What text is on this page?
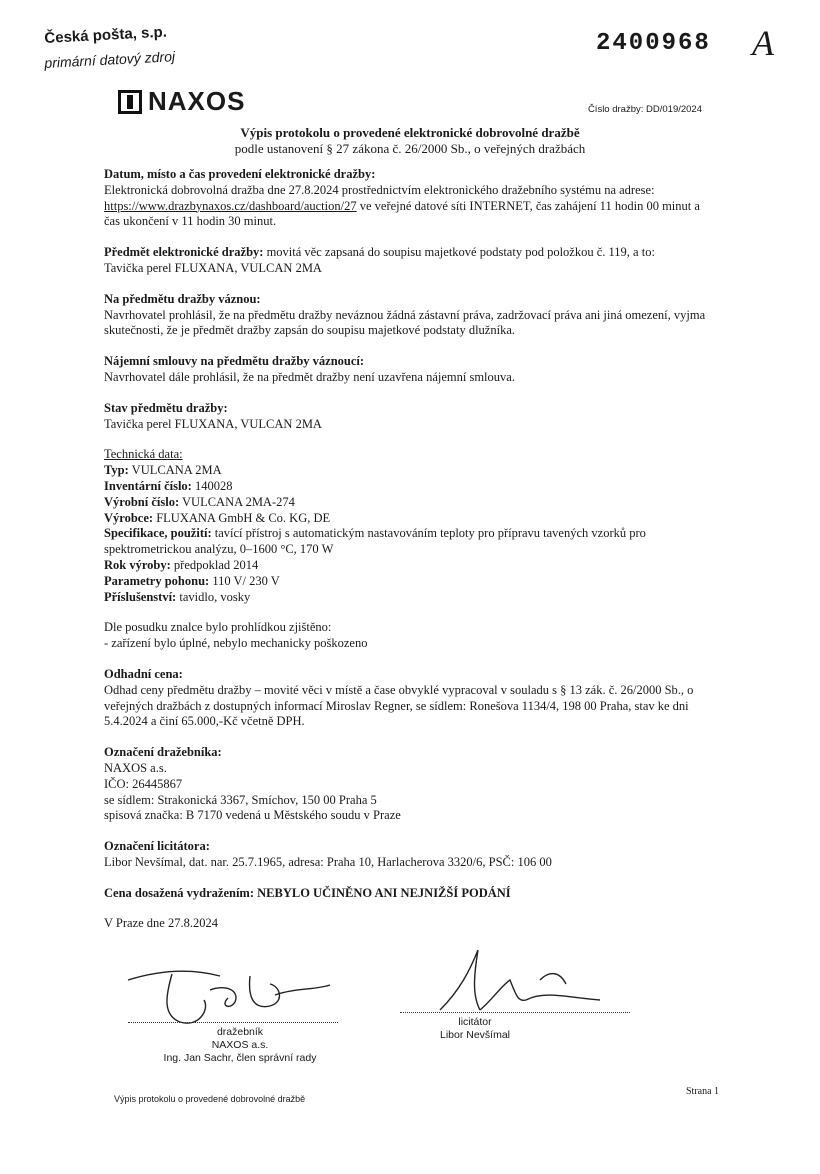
Česká pošta, s.p.
primární datový zdroj
2400968 A
NAXOS	Číslo dražby: DD/019/2024
Výpis protokolu o provedené elektronické dobrovolné dražbě
podle ustanovení § 27 zákona č. 26/2000 Sb., o veřejných dražbách

Datum, místo a čas provedení elektronické dražby:

Elektronická dobrovolná dražba dne 27.8.2024 prostřednictvím elektronického dražebního systému na adrese: https://www.drazbynaxos.cz/dashboard/auction/27 ve veřejné datové síti INTERNET, čas zahájení 11 hodin 00 minut a čas ukončení v 11 hodin 30 minut.

Předmět elektronické dražby: movitá věc zapsaná do soupisu majetkové podstaty pod položkou č. 119, a to:

Tavička perel FLUXANA, VULCAN 2MA

Na předmětu dražby váznou:

Navrhovatel prohlásil, že na předmětu dražby neváznou žádná zástavní práva, zadržovací práva ani jiná omezení, vyjma skutečnosti, že je předmět dražby zapsán do soupisu majetkové podstaty dlužníka.

Nájemní smlouvy na předmětu dražby váznoucí:

Navrhovatel dále prohlásil, že na předmět dražby není uzavřena nájemní smlouva.

Stav předmětu dražby:

Tavička perel FLUXANA, VULCAN 2MA

Technická data:

Typ: VULCANA 2MA

Inventární číslo: 140028

Výrobní číslo: VULCANA 2MA-274

Výrobce: FLUXANA GmbH & Co. KG, DE

Specifikace, použití: tavící přístroj s automatickým nastavováním teploty pro přípravu tavených vzorků pro spektrometrickou analýzu, 0–1600 °C, 170 W

Rok výroby: předpoklad 2014

Parametry pohonu: 110 V/ 230 V

Příslušenství: tavidlo, vosky

Dle posudku znalce bylo prohlídkou zjištěno:

- zařízení bylo úplné, nebylo mechanicky poškozeno

Odhadní cena:

Odhad ceny předmětu dražby – movité věci v místě a čase obvyklé vypracoval v souladu s § 13 zák. č. 26/2000 Sb., o veřejných dražbách z dostupných informací Miroslav Regner, se sídlem: Ronešova 1134/4, 198 00 Praha, stav ke dni 5.4.2024 a činí 65.000,-Kč včetně DPH.

Označení dražebníka:

NAXOS a.s.

IČO: 26445867

se sídlem: Strakonická 3367, Smíchov, 150 00 Praha 5

spisová značka: B 7170 vedená u Městského soudu v Praze

Označení licitátora:

Libor Nevšímal, dat. nar. 25.7.1965, adresa: Praha 10, Harlacherova 3320/6, PSČ: 106 00

Cena dosažená vydražením: NEBYLO UČINĚNO ANI NEJNIŽŠÍ PODÁNÍ

V Praze dne 27.8.2024

dražebník
NAXOS a.s.
Ing. Jan Sachr, člen správní rady
licitátor
Libor Nevšímal
Výpis protokolu o provedené dobrovolné dražbě
Strana 1
